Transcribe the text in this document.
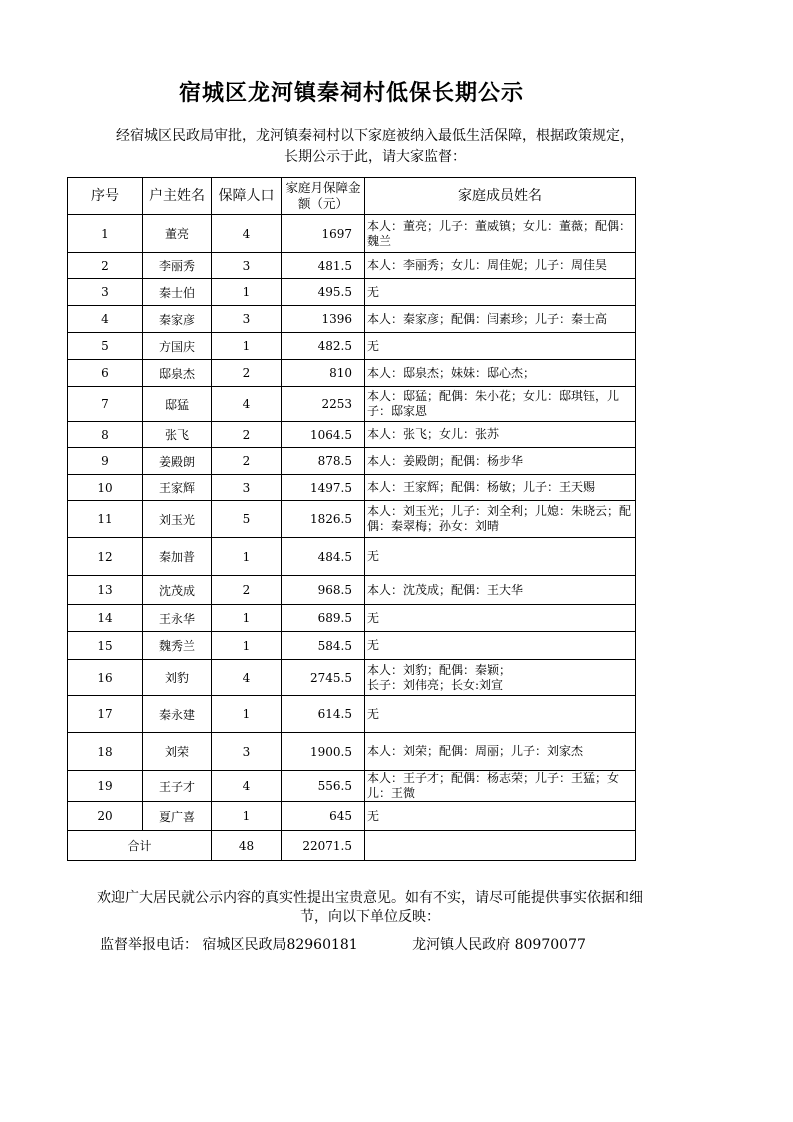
宿城区龙河镇秦祠村低保长期公示
经宿城区民政局审批，龙河镇秦祠村以下家庭被纳入最低生活保障，根据政策规定，长期公示于此，请大家监督：
序号	户主姓名	保障人口	家庭月保障金额（元）	家庭成员姓名
1	董亮	4	1697	本人：董亮；儿子：董威镇；女儿：董薇；配偶：魏兰
2	李丽秀	3	481.5	本人：李丽秀；女儿：周佳妮；儿子：周佳昊
3	秦士伯	1	495.5	无
4	秦家彦	3	1396	本人：秦家彦；配偶：闫素珍；儿子：秦士高
5	方国庆	1	482.5	无
6	邸泉杰	2	810	本人：邸泉杰；妹妹：邸心杰；
7	邸猛	4	2253	本人：邸猛；配偶：朱小花；女儿：邸琪钰，儿子：邸家恩
8	张飞	2	1064.5	本人：张飞；女儿：张苏
9	姜殿朗	2	878.5	本人：姜殿朗；配偶：杨步华
10	王家辉	3	1497.5	本人：王家辉；配偶：杨敏；儿子：王天赐
11	刘玉光	5	1826.5	本人：刘玉光；儿子：刘全利；儿媳：朱晓云；配偶：秦翠梅；孙女：刘晴
12	秦加普	1	484.5	无
13	沈茂成	2	968.5	本人：沈茂成；配偶：王大华
14	王永华	1	689.5	无
15	魏秀兰	1	584.5	无
16	刘豹	4	2745.5	本人：刘豹；配偶：秦颖；
长子：刘伟亮；长女:刘宣
17	秦永建	1	614.5	无
18	刘荣	3	1900.5	本人：刘荣；配偶：周丽；儿子：刘家杰
19	王子才	4	556.5	本人：王子才；配偶：杨志荣；儿子：王猛；女儿：王微
20	夏广喜	1	645	无
合计		48	22071.5	
欢迎广大居民就公示内容的真实性提出宝贵意见。如有不实，请尽可能提供事实依据和细节，向以下单位反映：
监督举报电话： 宿城区民政局82960181	龙河镇人民政府 80970077
